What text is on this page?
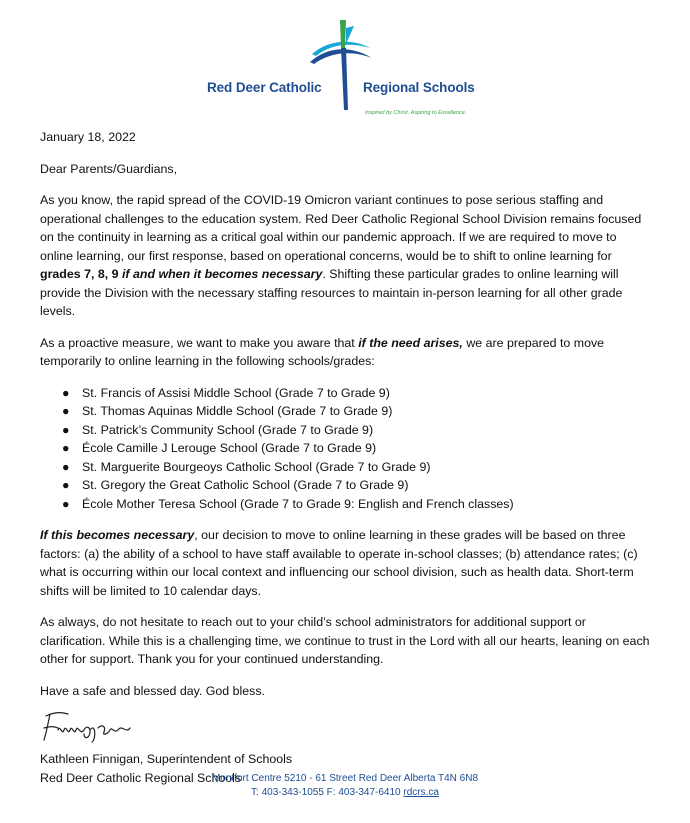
Red Deer Catholic	Regional Schools
Inspired by Christ. Aspiring to Excellence.

January 18, 2022

Dear Parents/Guardians,

As you know, the rapid spread of the COVID-19 Omicron variant continues to pose serious staffing and operational challenges to the education system. Red Deer Catholic Regional School Division remains focused on the continuity in learning as a critical goal within our pandemic approach. If we are required to move to online learning, our first response, based on operational concerns, would be to shift to online learning for grades 7, 8, 9 if and when it becomes necessary. Shifting these particular grades to online learning will provide the Division with the necessary staffing resources to maintain in-person learning for all other grade levels.

As a proactive measure, we want to make you aware that if the need arises, we are prepared to move temporarily to online learning in the following schools/grades:

● St. Francis of Assisi Middle School (Grade 7 to Grade 9)
● St. Thomas Aquinas Middle School (Grade 7 to Grade 9)
● St. Patrick’s Community School (Grade 7 to Grade 9)
● École Camille J Lerouge School (Grade 7 to Grade 9)
● St. Marguerite Bourgeoys Catholic School (Grade 7 to Grade 9)
● St. Gregory the Great Catholic School (Grade 7 to Grade 9)
● École Mother Teresa School (Grade 7 to Grade 9: English and French classes)

If this becomes necessary, our decision to move to online learning in these grades will be based on three factors: (a) the ability of a school to have staff available to operate in-school classes; (b) attendance rates; (c) what is occurring within our local context and influencing our school division, such as health data. Short-term shifts will be limited to 10 calendar days.

As always, do not hesitate to reach out to your child’s school administrators for additional support or clarification. While this is a challenging time, we continue to trust in the Lord with all our hearts, leaning on each other for support. Thank you for your continued understanding.

Have a safe and blessed day. God bless.

Kathleen Finnigan, Superintendent of Schools

Red Deer Catholic Regional Schools

Montfort Centre 5210 - 61 Street Red Deer Alberta T4N 6N8
T: 403-343-1055 F: 403-347-6410 rdcrs.ca
